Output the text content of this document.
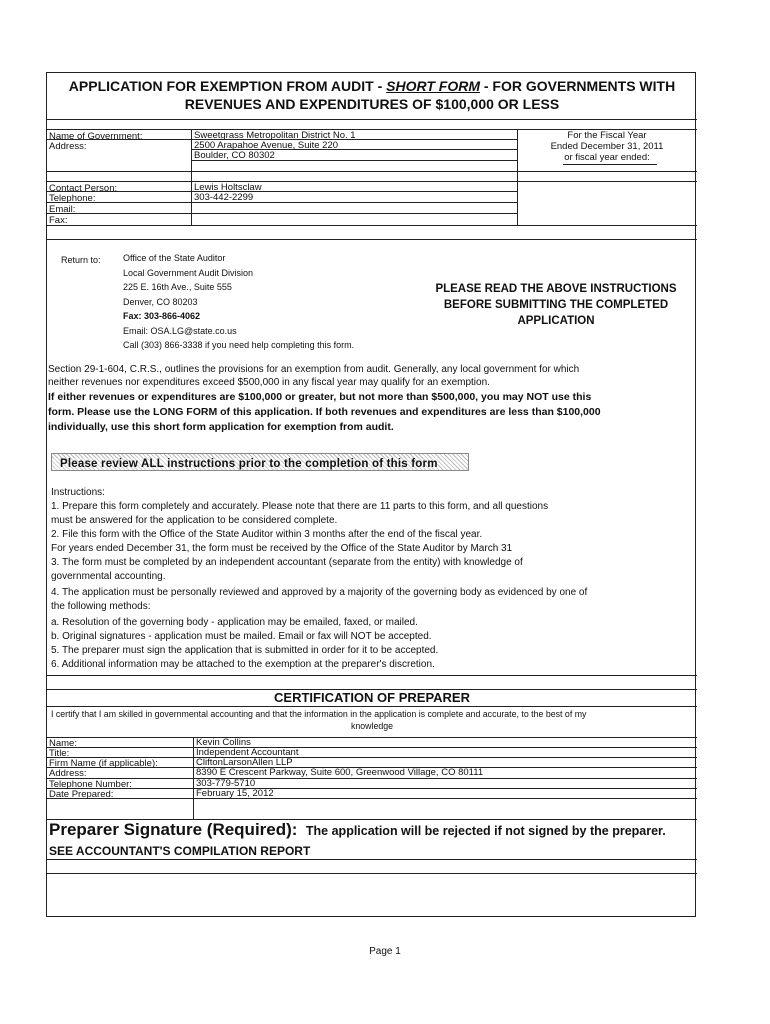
APPLICATION FOR EXEMPTION FROM AUDIT - SHORT FORM - FOR GOVERNMENTS WITH
REVENUES AND EXPENDITURES OF $100,000 OR LESS
Name of Government:	Sweetgrass Metropolitan District No. 1
Address:	2500 Arapahoe Avenue, Suite 220
Boulder, CO 80302
Contact Person:	Lewis Holtsclaw
Telephone:	303-442-2299
Email:
Fax:
For the Fiscal Year
Ended December 31, 2011
or fiscal year ended:
Return to: Office of the State Auditor
Local Government Audit Division
225 E. 16th Ave., Suite 555
Denver, CO 80203
Fax: 303-866-4062
Email: OSA.LG@state.co.us
Call (303) 866-3338 if you need help completing this form.
PLEASE READ THE ABOVE INSTRUCTIONS
BEFORE SUBMITTING THE COMPLETED
APPLICATION
Section 29-1-604, C.R.S., outlines the provisions for an exemption from audit. Generally, any local government for which
neither revenues nor expenditures exceed $500,000 in any fiscal year may qualify for an exemption.
If either revenues or expenditures are $100,000 or greater, but not more than $500,000, you may NOT use this
form. Please use the LONG FORM of this application. If both revenues and expenditures are less than $100,000
individually, use this short form application for exemption from audit.
Please review ALL instructions prior to the completion of this form
Instructions:
1. Prepare this form completely and accurately. Please note that there are 11 parts to this form, and all questions
must be answered for the application to be considered complete.
2. File this form with the Office of the State Auditor within 3 months after the end of the fiscal year.
For years ended December 31, the form must be received by the Office of the State Auditor by March 31
3. The form must be completed by an independent accountant (separate from the entity) with knowledge of
governmental accounting.
4. The application must be personally reviewed and approved by a majority of the governing body as evidenced by one of
the following methods:
a. Resolution of the governing body - application may be emailed, faxed, or mailed.
b. Original signatures - application must be mailed. Email or fax will NOT be accepted.
5. The preparer must sign the application that is submitted in order for it to be accepted.
6. Additional information may be attached to the exemption at the preparer's discretion.
CERTIFICATION OF PREPARER
I certify that I am skilled in governmental accounting and that the information in the application is complete and accurate, to the best of my
knowledge
Name:	Kevin Collins
Title:	Independent Accountant
Firm Name (if applicable):	CliftonLarsonAllen LLP
Address:	8390 E Crescent Parkway, Suite 600, Greenwood Village, CO 80111
Telephone Number:	303-779-5710
Date Prepared:	February 15, 2012
Preparer Signature (Required): The application will be rejected if not signed by the preparer.
SEE ACCOUNTANT'S COMPILATION REPORT
Page 1
